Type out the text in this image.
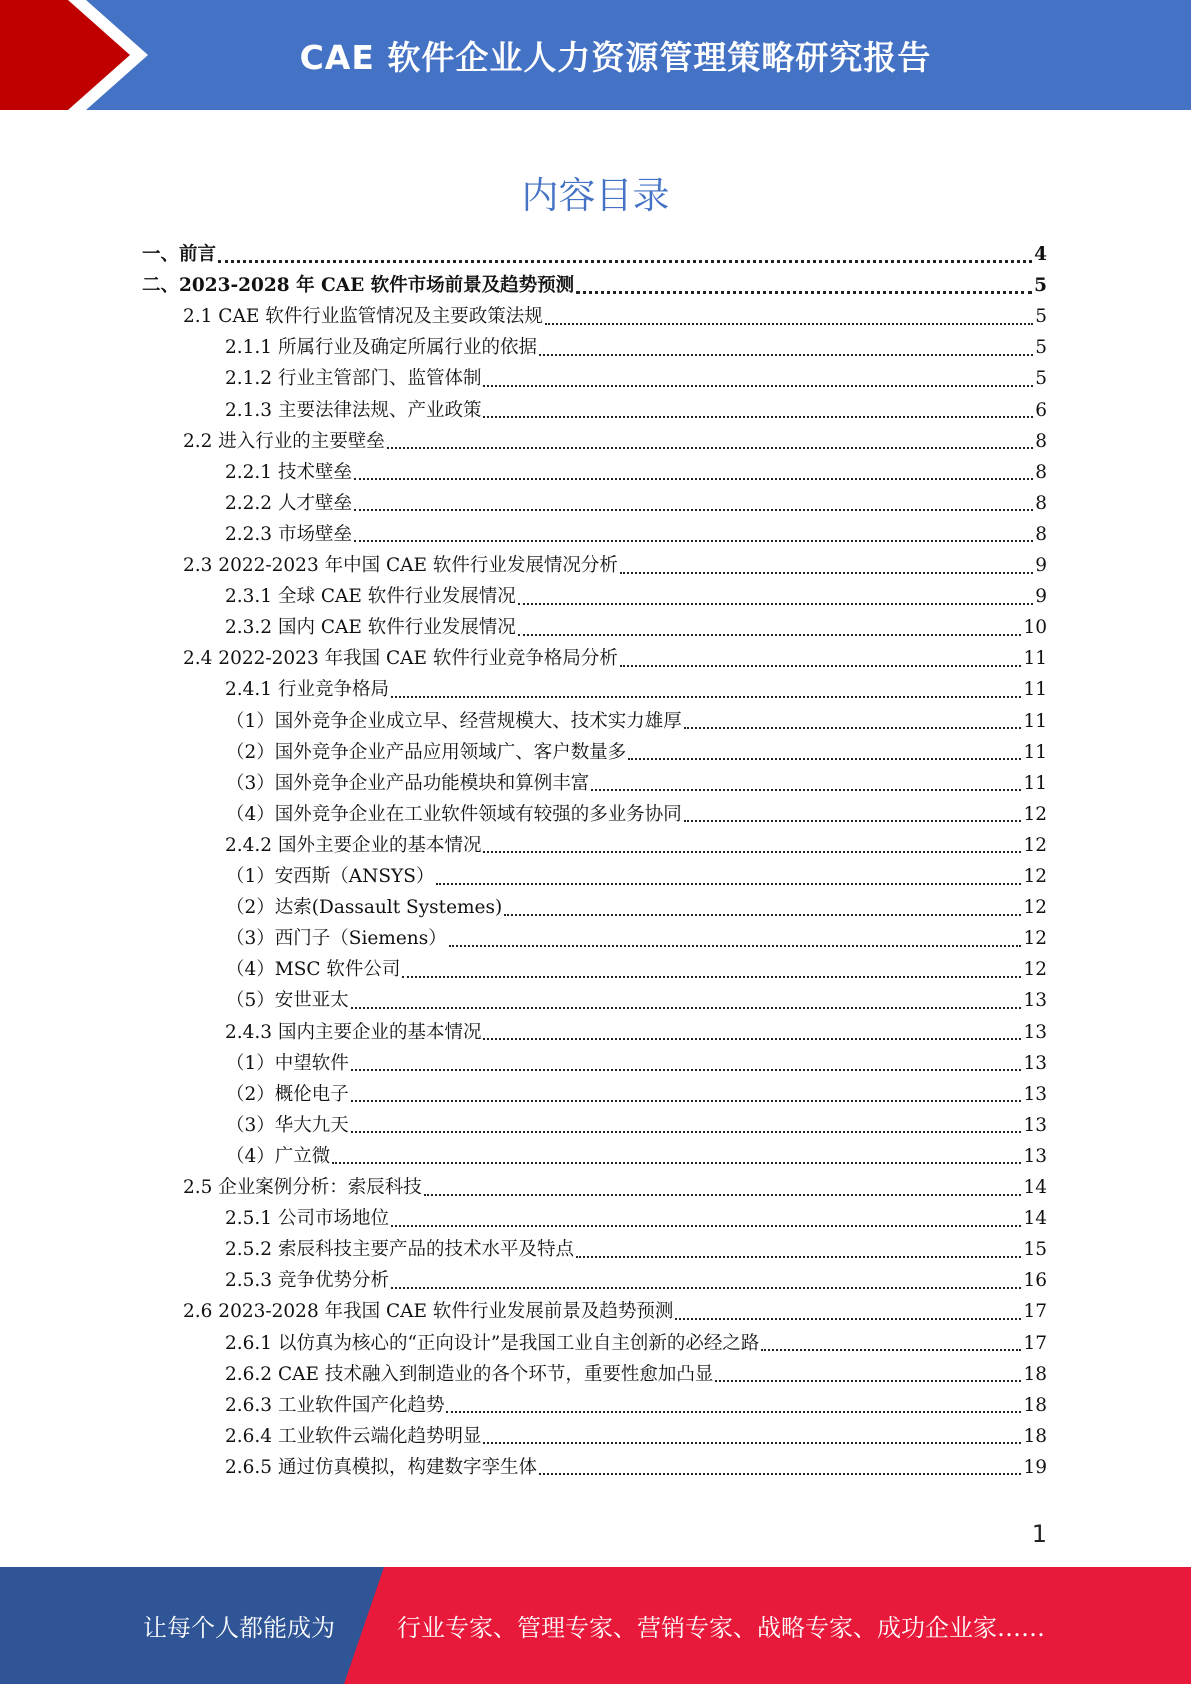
CAE 软件企业人力资源管理策略研究报告
内容目录
一、前言	4
二、2023-2028 年 CAE 软件市场前景及趋势预测	5
2.1 CAE 软件行业监管情况及主要政策法规	5
2.1.1 所属行业及确定所属行业的依据	5
2.1.2 行业主管部门、监管体制	5
2.1.3 主要法律法规、产业政策	6
2.2 进入行业的主要壁垒	8
2.2.1 技术壁垒	8
2.2.2 人才壁垒	8
2.2.3 市场壁垒	8
2.3 2022-2023 年中国 CAE 软件行业发展情况分析	9
2.3.1 全球 CAE 软件行业发展情况	9
2.3.2 国内 CAE 软件行业发展情况	10
2.4 2022-2023 年我国 CAE 软件行业竞争格局分析	11
2.4.1 行业竞争格局	11
（1）国外竞争企业成立早、经营规模大、技术实力雄厚	11
（2）国外竞争企业产品应用领域广、客户数量多	11
（3）国外竞争企业产品功能模块和算例丰富	11
（4）国外竞争企业在工业软件领域有较强的多业务协同	12
2.4.2 国外主要企业的基本情况	12
（1）安西斯（ANSYS）	12
（2）达索(Dassault Systemes)	12
（3）西门子（Siemens）	12
（4）MSC 软件公司	12
（5）安世亚太	13
2.4.3 国内主要企业的基本情况	13
（1）中望软件	13
（2）概伦电子	13
（3）华大九天	13
（4）广立微	13
2.5 企业案例分析：索辰科技	14
2.5.1 公司市场地位	14
2.5.2 索辰科技主要产品的技术水平及特点	15
2.5.3 竞争优势分析	16
2.6 2023-2028 年我国 CAE 软件行业发展前景及趋势预测	17
2.6.1 以仿真为核心的“正向设计”是我国工业自主创新的必经之路	17
2.6.2 CAE 技术融入到制造业的各个环节，重要性愈加凸显	18
2.6.3 工业软件国产化趋势	18
2.6.4 工业软件云端化趋势明显	18
2.6.5 通过仿真模拟，构建数字孪生体	19
1
让每个人都能成为	行业专家、管理专家、营销专家、战略专家、成功企业家……
